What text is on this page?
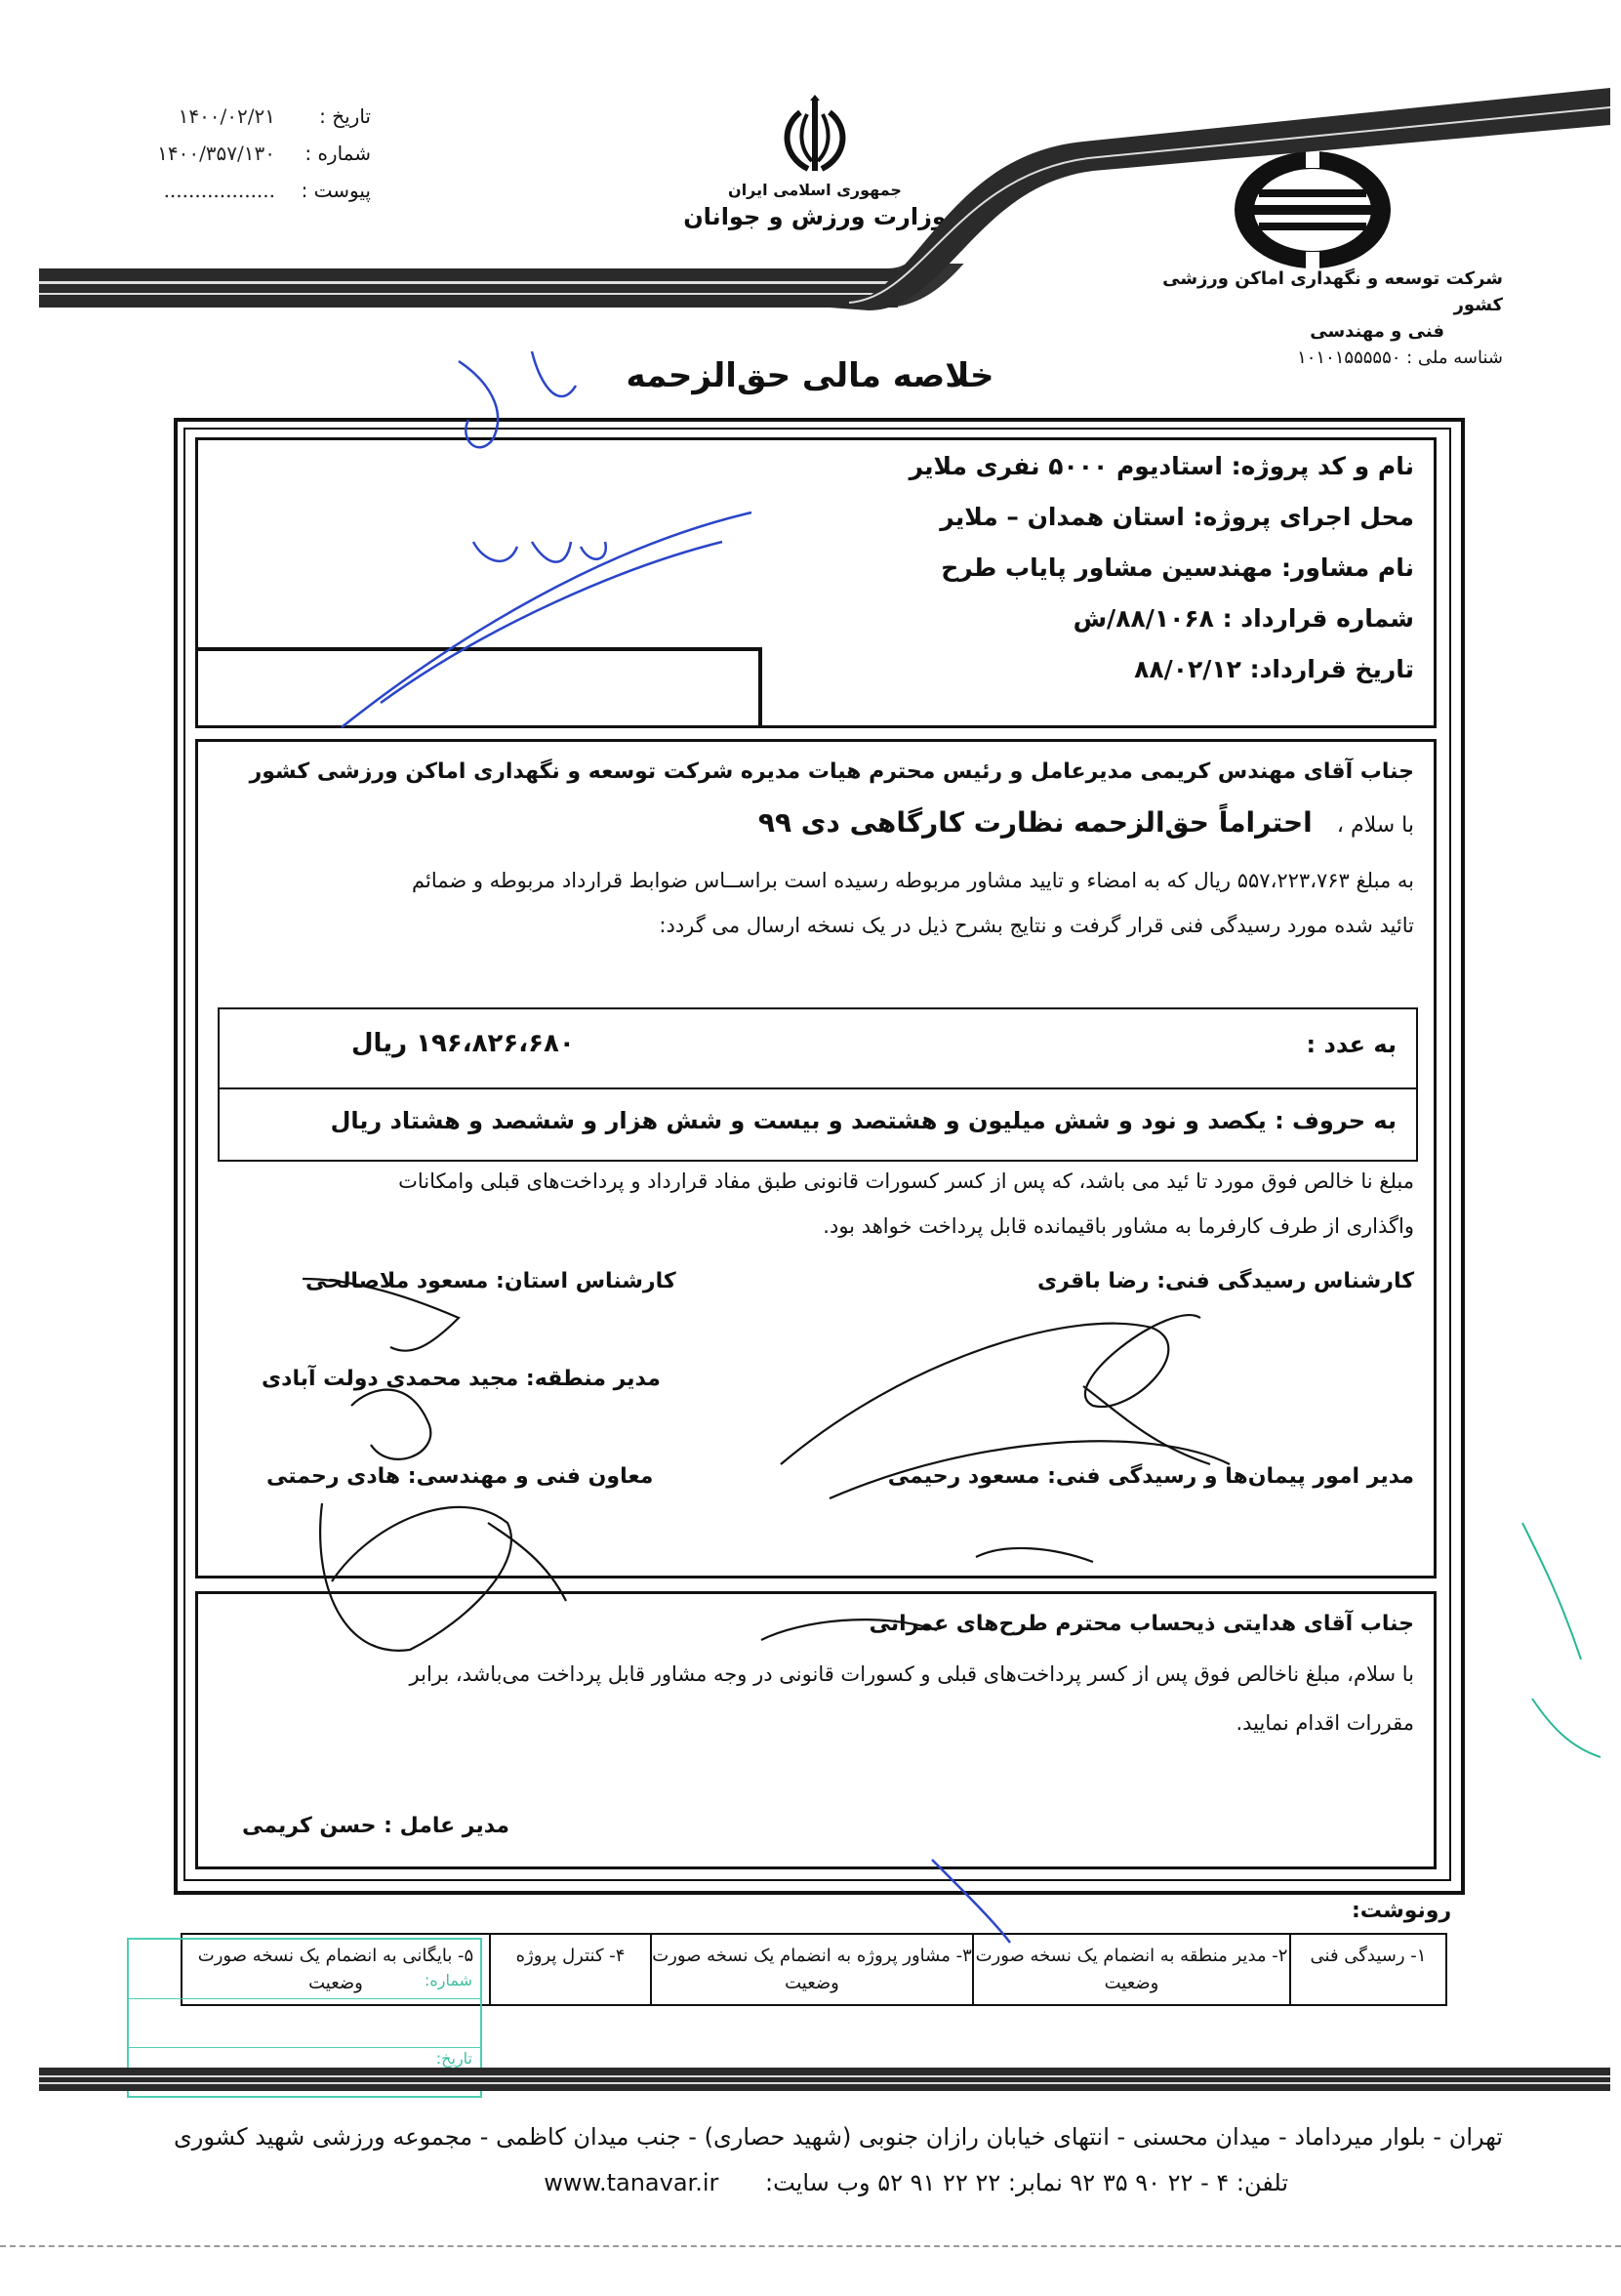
تاریخ :
۱۴۰۰/۰۲/۲۱
شماره :
۱۴۰۰/۳۵۷/۱۳۰
پیوست :
..................	جمهوری اسلامی ایران
وزارت ورزش و جوانان
شرکت توسعه و نگهداری اماکن ورزشی کشور
فنی و مهندسی
شناسه ملی : ۱۰۱۰۱۵۵۵۵۵۰
خلاصه مالی حق‌الزحمه
نام و کد پروژه: استادیوم ۵۰۰۰ نفری ملایر
محل اجرای پروژه: استان همدان – ملایر
نام مشاور: مهندسین مشاور پایاب طرح
شماره قرارداد : ۸۸/۱۰۶۸/ش
تاریخ قرارداد: ۸۸/۰۲/۱۲
جناب آقای مهندس کریمی مدیرعامل و رئیس محترم هیات مدیره شرکت توسعه و نگهداری اماکن ورزشی کشور
با سلام ، احتراماً حق‌الزحمه نظارت کارگاهی دی ۹۹
به مبلغ ۵۵۷،۲۲۳،۷۶۳ ریال که به امضاء و تایید مشاور مربوطه رسیده است براســاس ضوابط قرارداد مربوطه و ضمائم
تائید شده مورد رسیدگی فنی قرار گرفت و نتایج بشرح ذیل در یک نسخه ارسال می گردد:
به عدد :
۱۹۶،۸۲۶،۶۸۰ ریال
به حروف : یکصد و نود و شش میلیون و هشتصد و بیست و شش هزار و ششصد و هشتاد ریال
مبلغ نا خالص فوق مورد تا ئید می باشد، که پس از کسر کسورات قانونی طبق مفاد قرارداد و پرداخت‌های قبلی وامکانات
واگذاری از طرف کارفرما به مشاور باقیمانده قابل پرداخت خواهد بود.
کارشناس رسیدگی فنی: رضا باقری
کارشناس استان: مسعود ملاصالحی
مدیر منطقه: مجید محمدی دولت آبادی
مدیر امور پیمان‌ها و رسیدگی فنی: مسعود رحیمی
معاون فنی و مهندسی: هادی رحمتی
جناب آقای هدایتی ذیحساب محترم طرح‌های عمرانی
با سلام، مبلغ ناخالص فوق پس از کسر پرداخت‌های قبلی و کسورات قانونی در وجه مشاور قابل پرداخت می‌باشد، برابر
مقررات اقدام نمایید.
مدیر عامل : حسن کریمی
رونوشت:
۱- رسیدگی فنی
۲- مدیر منطقه به انضمام یک نسخه صورت وضعیت
۳- مشاور پروژه به انضمام یک نسخه صورت وضعیت
۴- کنترل پروژه
۵- بایگانی به انضمام یک نسخه صورت وضعیت	شماره:
تاریخ:
تهران - بلوار میرداماد - میدان محسنی - انتهای خیابان رازان جنوبی (شهید حصاری) - جنب میدان کاظمی - مجموعه ورزشی شهید کشوری
تلفن: ۴ - ۲۲ ۹۰ ۳۵ ۹۲ نمابر: ۲۲ ۲۲ ۹۱ ۵۲ وب سایت: www.tanavar.ir
